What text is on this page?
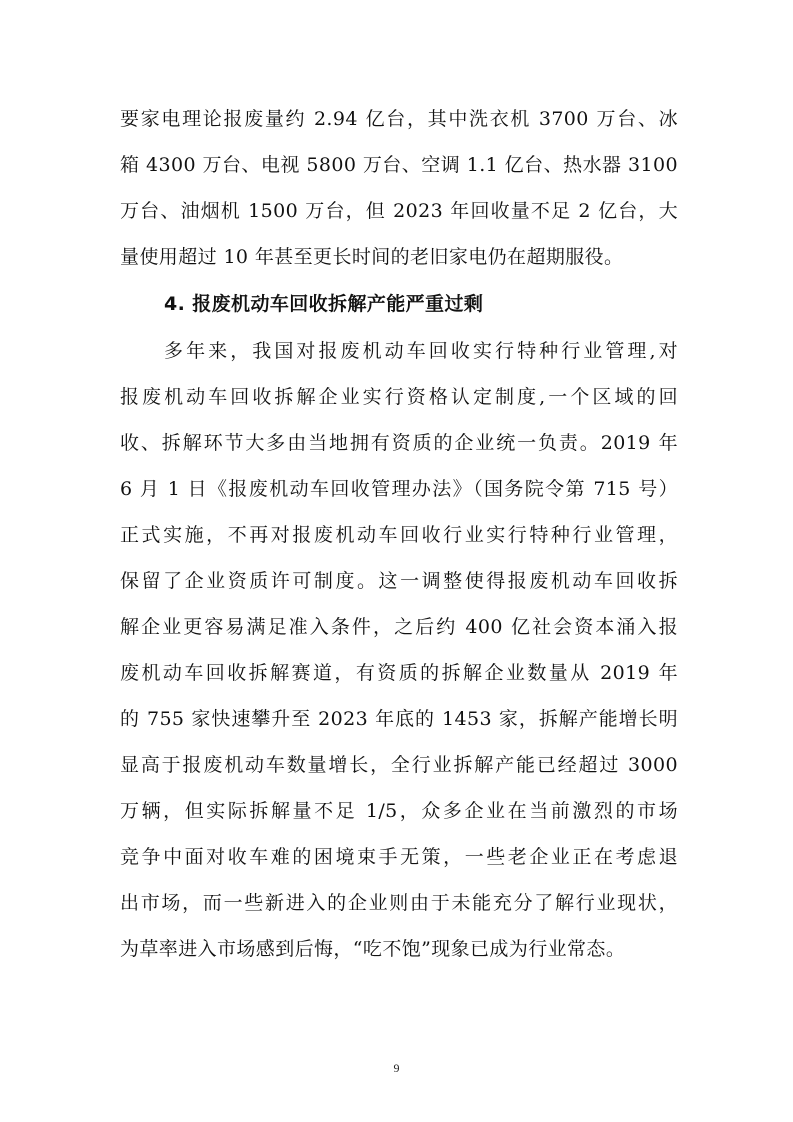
要家电理论报废量约 2.94 亿台，其中洗衣机 3700 万台、冰
箱 4300 万台、电视 5800 万台、空调 1.1 亿台、热水器 3100
万台、油烟机 1500 万台，但 2023 年回收量不足 2 亿台，大
量使用超过 10 年甚至更长时间的老旧家电仍在超期服役。
4. 报废机动车回收拆解产能严重过剩
多年来，我国对报废机动车回收实行特种行业管理,对
报废机动车回收拆解企业实行资格认定制度,一个区域的回
收、拆解环节大多由当地拥有资质的企业统一负责。2019 年
6 月 1 日《报废机动车回收管理办法》（国务院令第 715 号）
正式实施，不再对报废机动车回收行业实行特种行业管理，
保留了企业资质许可制度。这一调整使得报废机动车回收拆
解企业更容易满足准入条件，之后约 400 亿社会资本涌入报
废机动车回收拆解赛道，有资质的拆解企业数量从 2019 年
的 755 家快速攀升至 2023 年底的 1453 家，拆解产能增长明
显高于报废机动车数量增长，全行业拆解产能已经超过 3000
万辆，但实际拆解量不足 1/5，众多企业在当前激烈的市场
竞争中面对收车难的困境束手无策，一些老企业正在考虑退
出市场，而一些新进入的企业则由于未能充分了解行业现状，
为草率进入市场感到后悔，“吃不饱”现象已成为行业常态。
9
